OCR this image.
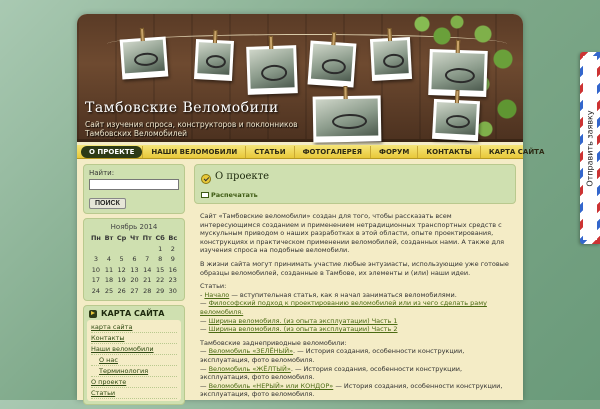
Тамбовские Веломобили
Сайт изучения спроса, конструкторов и поклонников Тамбовских Веломобилей
О ПРОЕКТЕ	НАШИ ВЕЛОМОБИЛИ	СТАТЬИ	ФОТОГАЛЕРЕЯ	ФОРУМ	КОНТАКТЫ	КАРТА САЙТА
Найти:
ПОИСК
Ноябрь 2014
Пн	Вт	Ср	Чт	Пт	Сб	Вс
					1	2
3	4	5	6	7	8	9
10	11	12	13	14	15	16
17	18	19	20	21	22	23
24	25	26	27	28	29	30
КАРТА САЙТА
карта сайта
Контакты
Наши веломобили
О нас
Терминология
О проекте
Статьи
О проекте
Распечатать

Сайт «Тамбовские веломобили» создан для того, чтобы рассказать всем интересующимся созданием и применением нетрадиционных транспортных средств с мускульным приводом о наших разработках в этой области, опыте проектирования, конструкциях и практическом применении веломобилей, созданных нами. А также для изучения спроса на подобные веломобили.

В жизни сайта могут принимать участие любые энтузиасты, использующие уже готовые образцы веломобилей, созданные в Тамбове, их элементы и (или) наши идеи.

Статьи:
- Начало — вступительная статья, как я начал заниматься веломобилями.
— Философский подход к проектированию веломобилей или из чего сделать раму веломобиля.
— Ширина веломобиля. (из опыта эксплуатации) Часть 1
— Ширина веломобиля. (из опыта эксплуатации) Часть 2
Тамбовские заднеприводные веломобили:
— Веломобиль «ЗЕЛЁНЫЙ». — История создания, особенности конструкции, эксплуатация, фото веломобиля.
— Веломобиль «ЖЁЛТЫЙ». — История создания, особенности конструкции, эксплуатация, фото веломобиля.
— Веломобиль «НЕРЫЙ» или КОНДОР» — История создания, особенности конструкции, эксплуатация, фото веломобиля.
Отправить заявку
